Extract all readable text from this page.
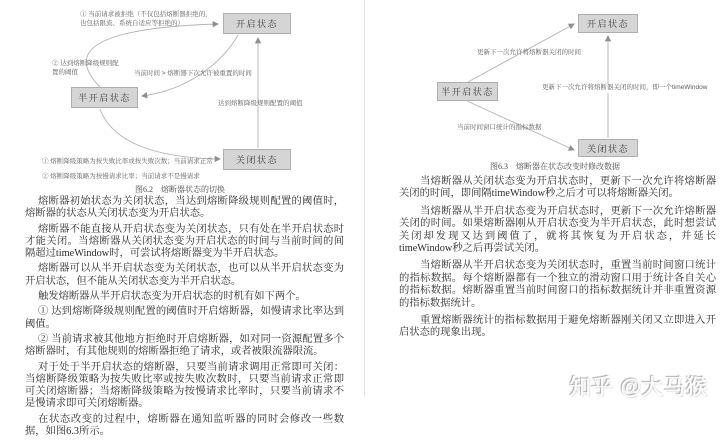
开启状态
半开启状态
关闭状态
① 当前请求被拒绝（不仅包括熔断器拒绝的，也包括限流、系统自适应等拒绝的）
② 达到熔断降级规则配置的阈值	当前时间 > 熔断器下次允许被重置的时间
达到熔断降级规则配置的阈值
① 熔断降级策略为按失败比率或按失败次数；当前请求正常
② 熔断降级策略为按慢请求比率；当前请求不是慢请求
图6.2　熔断器状态的切换

熔断器初始状态为关闭状态，当达到熔断降级规则配置的阈值时，熔断器的状态从关闭状态变为开启状态。

熔断器不能直接从开启状态变为关闭状态，只有处在半开启状态时才能关闭。当熔断器从关闭状态变为开启状态的时间与当前时间的间隔超过timeWindow时，可尝试将熔断器变为半开启状态。

熔断器可以从半开启状态变为关闭状态，也可以从半开启状态变为开启状态，但不能从关闭状态变为半开启状态。

触发熔断器从半开启状态变为开启状态的时机有如下两个。

① 达到熔断降级规则配置的阈值时开启熔断器，如慢请求比率达到阈值。

② 当前请求被其他地方拒绝时开启熔断器，如对同一资源配置多个熔断器时，有其他规则的熔断器拒绝了请求，或者被限流器限流。

对于处于半开启状态的熔断器，只要当前请求调用正常即可关闭：当熔断降级策略为按失败比率或按失败次数时，只要当前请求正常即可关闭熔断器；当熔断降级策略为按慢请求比率时，只要当前请求不是慢请求即可关闭熔断器。

在状态改变的过程中，熔断器在通知监听器的同时会修改一些数据，如图6.3所示。

开启状态
半开启状态
关闭状态
更新下一次允许将熔断器关闭的时间
更新下一次允许将熔断器关闭的时间，即一个timeWindow
当前时间窗口统计的指标数据
图6.3　熔断器在状态改变时修改数据

当熔断器从关闭状态变为开启状态时，更新下一次允许将熔断器关闭的时间，即间隔timeWindow秒之后才可以将熔断器关闭。

当熔断器从半开启状态变为开启状态时，更新下一次允许熔断器关闭的时间。如果熔断器刚从开启状态变为半开启状态，此时想尝试关闭却发现又达到阈值了，就将其恢复为开启状态，并延长timeWindow秒之后再尝试关闭。

当熔断器从半开启状态变为关闭状态时，重置当前时间窗口统计的指标数据。每个熔断器都有一个独立的滑动窗口用于统计各自关心的指标数据。熔断器重置当前时间窗口的指标数据统计并非重置资源的指标数据统计。

重置熔断器统计的指标数据用于避免熔断器刚关闭又立即进入开启状态的现象出现。

知乎 @大马猴
